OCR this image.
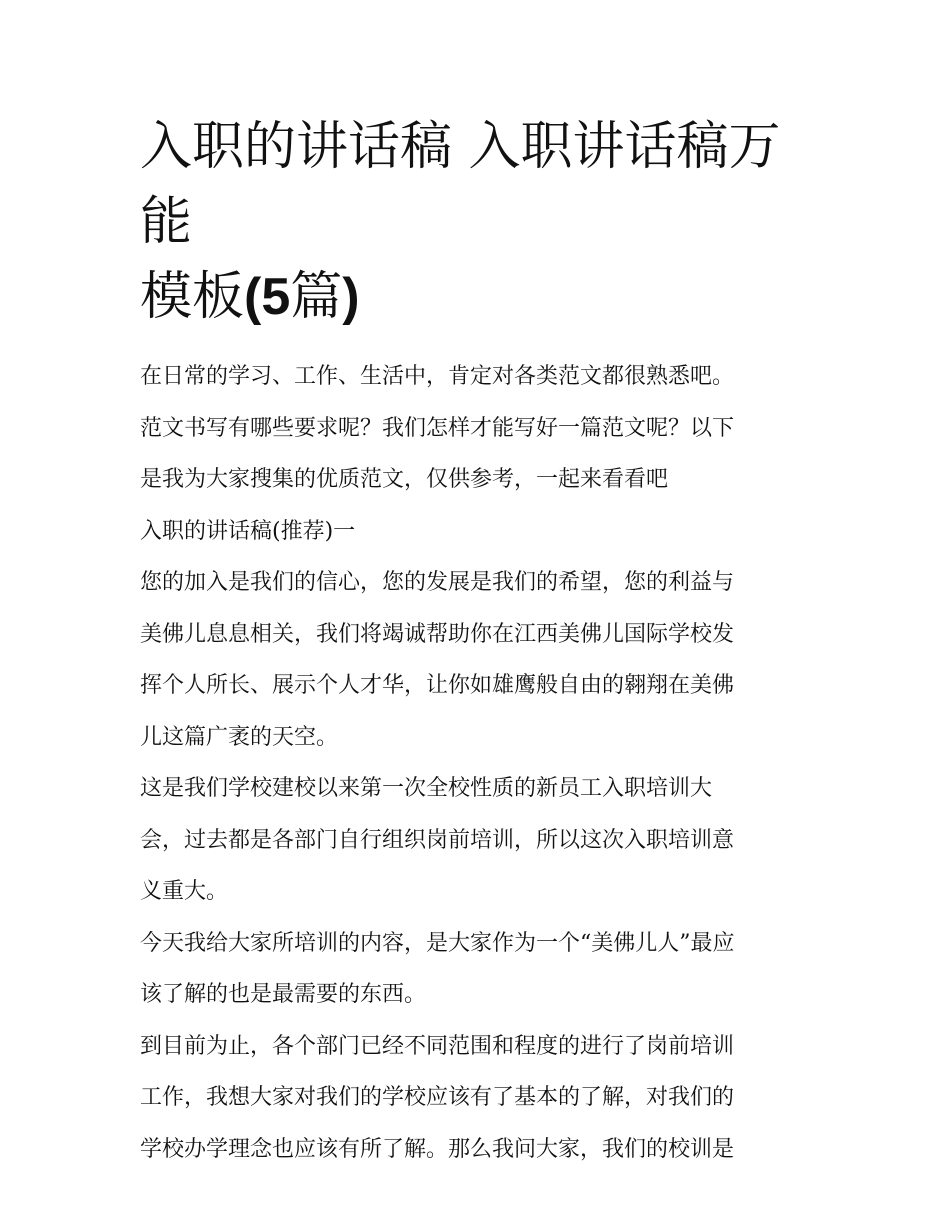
入职的讲话稿 入职讲话稿万能
模板(5篇)

在日常的学习、工作、生活中，肯定对各类范文都很熟悉吧。
范文书写有哪些要求呢？我们怎样才能写好一篇范文呢？以下
是我为大家搜集的优质范文，仅供参考，一起来看看吧

入职的讲话稿(推荐)一

您的加入是我们的信心，您的发展是我们的希望，您的利益与
美佛儿息息相关，我们将竭诚帮助你在江西美佛儿国际学校发
挥个人所长、展示个人才华，让你如雄鹰般自由的翱翔在美佛
儿这篇广袤的天空。

这是我们学校建校以来第一次全校性质的新员工入职培训大
会，过去都是各部门自行组织岗前培训，所以这次入职培训意
义重大。

今天我给大家所培训的内容，是大家作为一个“美佛儿人”最应
该了解的也是最需要的东西。

到目前为止，各个部门已经不同范围和程度的进行了岗前培训
工作，我想大家对我们的学校应该有了基本的了解，对我们的
学校办学理念也应该有所了解。那么我问大家，我们的校训是
